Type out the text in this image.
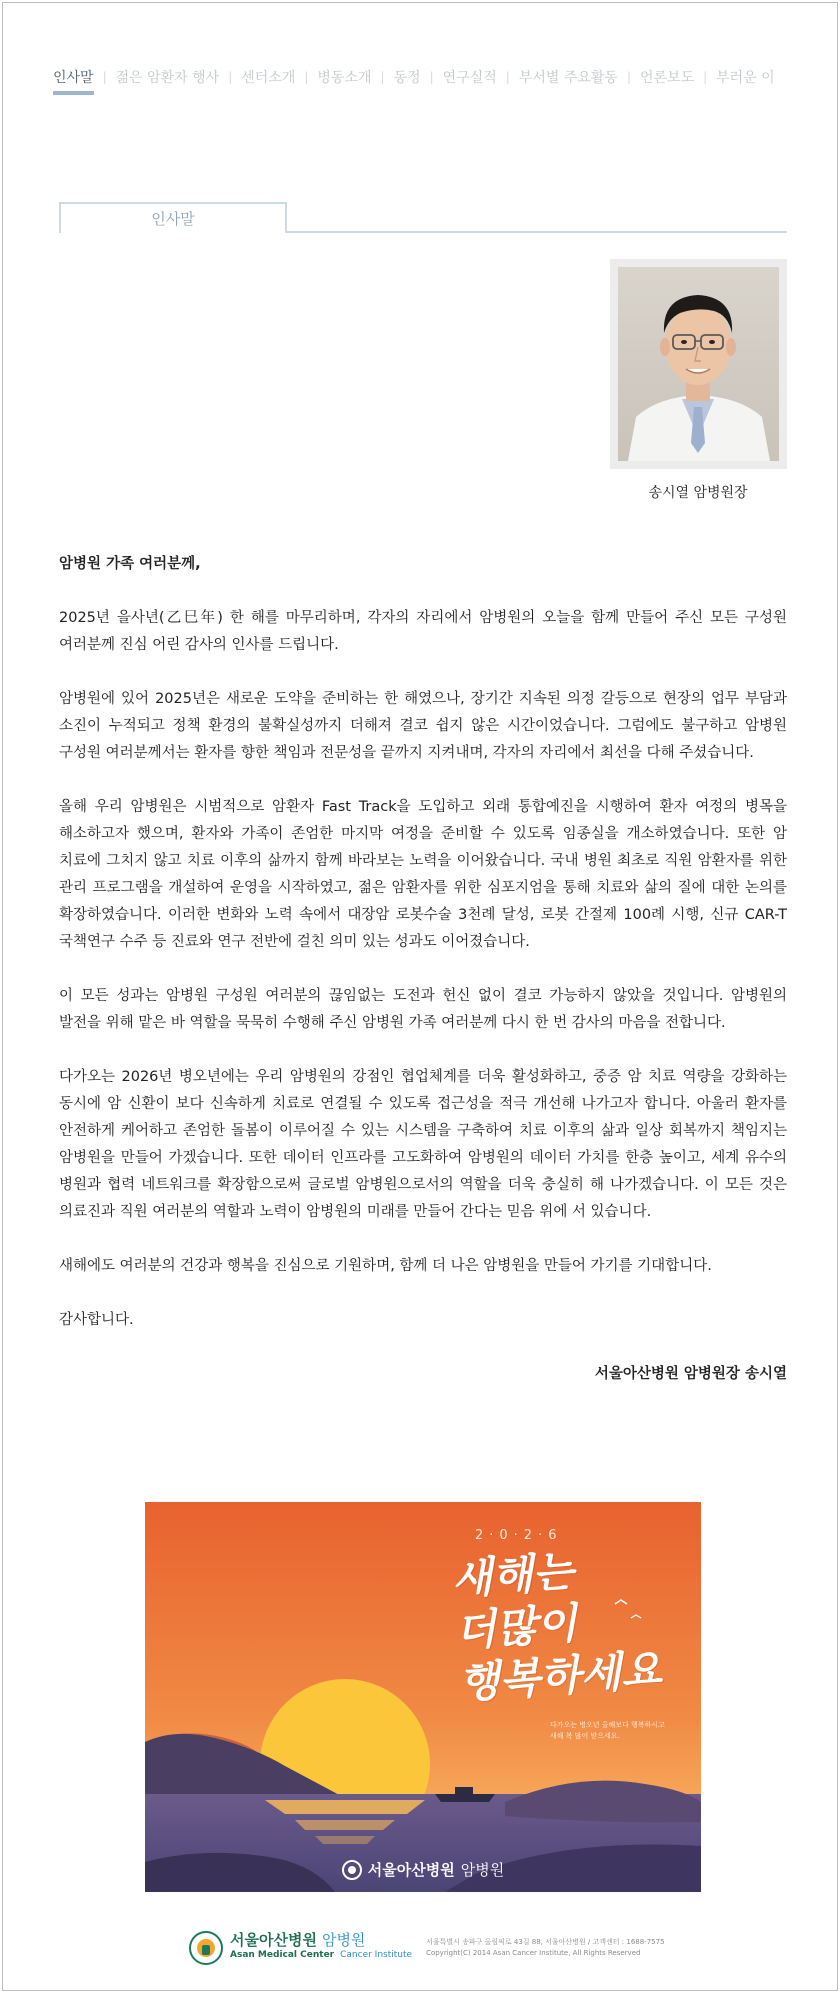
인사말 | 젊은 암환자 행사 | 센터소개 | 병동소개 | 동정 | 연구실적 | 부서별 주요활동 | 언론보도 | 부러운 이
인사말
송시열 암병원장
암병원 가족 여러분께,

2025년 을사년(乙巳年) 한 해를 마무리하며, 각자의 자리에서 암병원의 오늘을 함께 만들어 주신 모든 구성원 여러분께 진심 어린 감사의 인사를 드립니다.

암병원에 있어 2025년은 새로운 도약을 준비하는 한 해였으나, 장기간 지속된 의정 갈등으로 현장의 업무 부담과 소진이 누적되고 정책 환경의 불확실성까지 더해져 결코 쉽지 않은 시간이었습니다. 그럼에도 불구하고 암병원 구성원 여러분께서는 환자를 향한 책임과 전문성을 끝까지 지켜내며, 각자의 자리에서 최선을 다해 주셨습니다.

올해 우리 암병원은 시범적으로 암환자 Fast Track을 도입하고 외래 통합예진을 시행하여 환자 여정의 병목을 해소하고자 했으며, 환자와 가족이 존엄한 마지막 여정을 준비할 수 있도록 임종실을 개소하였습니다. 또한 암 치료에 그치지 않고 치료 이후의 삶까지 함께 바라보는 노력을 이어왔습니다. 국내 병원 최초로 직원 암환자를 위한 관리 프로그램을 개설하여 운영을 시작하였고, 젊은 암환자를 위한 심포지엄을 통해 치료와 삶의 질에 대한 논의를 확장하였습니다. 이러한 변화와 노력 속에서 대장암 로봇수술 3천례 달성, 로봇 간절제 100례 시행, 신규 CAR-T 국책연구 수주 등 진료와 연구 전반에 걸친 의미 있는 성과도 이어졌습니다.

이 모든 성과는 암병원 구성원 여러분의 끊임없는 도전과 헌신 없이 결코 가능하지 않았을 것입니다. 암병원의 발전을 위해 맡은 바 역할을 묵묵히 수행해 주신 암병원 가족 여러분께 다시 한 번 감사의 마음을 전합니다.

다가오는 2026년 병오년에는 우리 암병원의 강점인 협업체계를 더욱 활성화하고, 중증 암 치료 역량을 강화하는 동시에 암 신환이 보다 신속하게 치료로 연결될 수 있도록 접근성을 적극 개선해 나가고자 합니다. 아울러 환자를 안전하게 케어하고 존엄한 돌봄이 이루어질 수 있는 시스템을 구축하여 치료 이후의 삶과 일상 회복까지 책임지는 암병원을 만들어 가겠습니다. 또한 데이터 인프라를 고도화하여 암병원의 데이터 가치를 한층 높이고, 세계 유수의 병원과 협력 네트워크를 확장함으로써 글로벌 암병원으로서의 역할을 더욱 충실히 해 나가겠습니다. 이 모든 것은 의료진과 직원 여러분의 역할과 노력이 암병원의 미래를 만들어 간다는 믿음 위에 서 있습니다.

새해에도 여러분의 건강과 행복을 진심으로 기원하며, 함께 더 나은 암병원을 만들어 가기를 기대합니다.

감사합니다.

서울아산병원 암병원장 송시열
2·0·2·6
새해는
더많이
행복하세요
다가오는 병오년 올해보다 행복하시고
새해 복 많이 받으세요.
서울아산병원 암병원
서울아산병원 암병원
Asan Medical Center Cancer Institute
서울특별시 송파구 올림픽로 43길 88, 서울아산병원 / 고객센터 : 1688-7575
Copyright(C) 2014 Asan Cancer Institute, All Rights Reserved
